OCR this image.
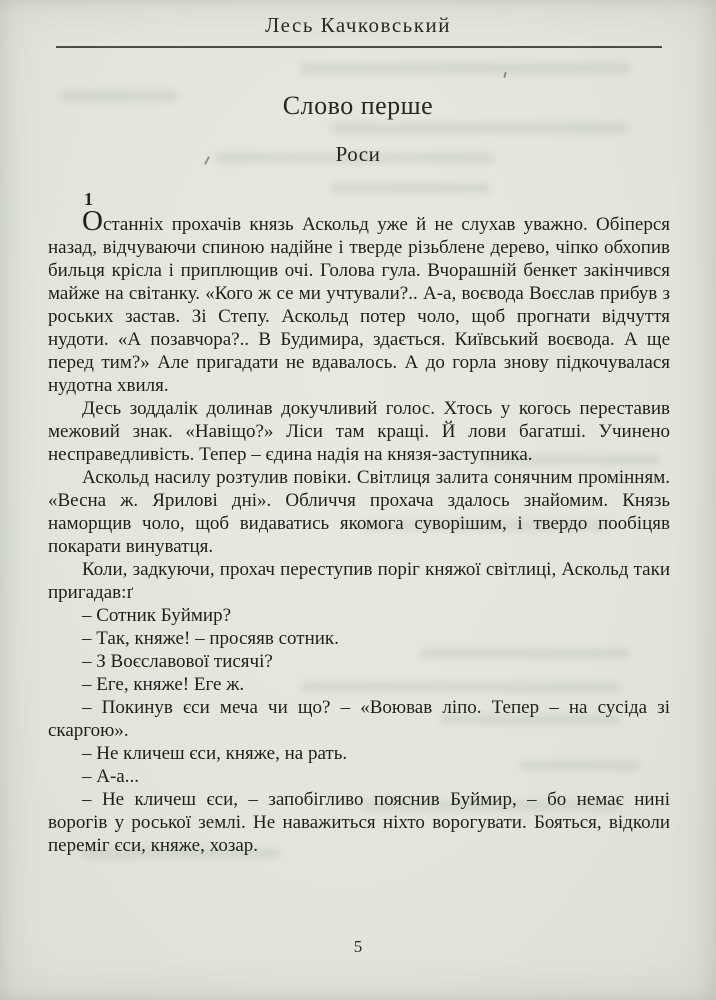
Лесь Качковський
Слово перше
Роси
1

Останніх прохачів князь Аскольд уже й не слухав уважно. Обіперся назад, відчуваючи спиною надійне і тверде різьблене дерево, чіпко обхопив бильця крісла і приплющив очі. Голова гула. Вчорашній бенкет закінчився майже на світанку. «Кого ж се ми учтували?.. А-а, воєвода Воєслав прибув з роських застав. Зі Степу. Аскольд потер чоло, щоб прогнати відчуття нудоти. «А позавчора?.. В Будимира, здається. Київський воєвода. А ще перед тим?» Але пригадати не вдавалось. А до горла знову підкочувалася нудотна хвиля.

Десь зоддалік долинав докучливий голос. Хтось у когось переставив межовий знак. «Навіщо?» Ліси там кращі. Й лови багатші. Учинено несправедливість. Тепер – єдина надія на князя-заступника.

Аскольд насилу розтулив повіки. Світлиця залита сонячним промінням. «Весна ж. Ярилові дні». Обличчя прохача здалось знайомим. Князь наморщив чоло, щоб видаватись якомога суворішим, і твердо пообіцяв покарати винуватця.

Коли, задкуючи, прохач переступив поріг княжої світлиці, Аскольд таки пригадав:ґ

– Сотник Буймир?

– Так, княже! – просяяв сотник.

– З Воєславової тисячі?

– Еге, княже! Еге ж.

– Покинув єси меча чи що? – «Воював ліпо. Тепер – на сусіда зі скаргою».

– Не кличеш єси, княже, на рать.

– А-а...

– Не кличеш єси, – запобігливо пояснив Буймир, – бо немає нині ворогів у роської землі. Не наважиться ніхто ворогувати. Бояться, відколи переміг єси, княже, хозар.

5
